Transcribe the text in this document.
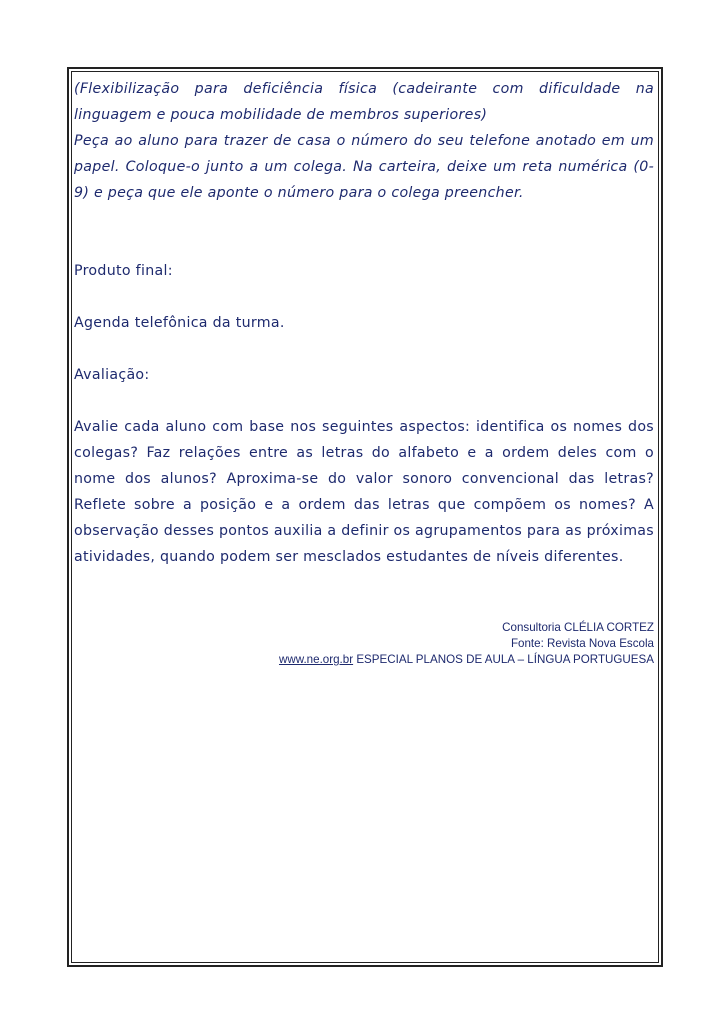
(Flexibilização para deficiência física (cadeirante com dificuldade na linguagem e pouca mobilidade de membros superiores)

Peça ao aluno para trazer de casa o número do seu telefone anotado em um papel. Coloque-o junto a um colega. Na carteira, deixe um reta numérica (0-9) e peça que ele aponte o número para o colega preencher.

Produto final:

Agenda telefônica da turma.

Avaliação:

Avalie cada aluno com base nos seguintes aspectos: identifica os nomes dos colegas? Faz relações entre as letras do alfabeto e a ordem deles com o nome dos alunos? Aproxima-se do valor sonoro convencional das letras? Reflete sobre a posição e a ordem das letras que compõem os nomes? A observação desses pontos auxilia a definir os agrupamentos para as próximas atividades, quando podem ser mesclados estudantes de níveis diferentes.

Consultoria CLÉLIA CORTEZ
Fonte: Revista Nova Escola
www.ne.org.br ESPECIAL PLANOS DE AULA – LÍNGUA PORTUGUESA
